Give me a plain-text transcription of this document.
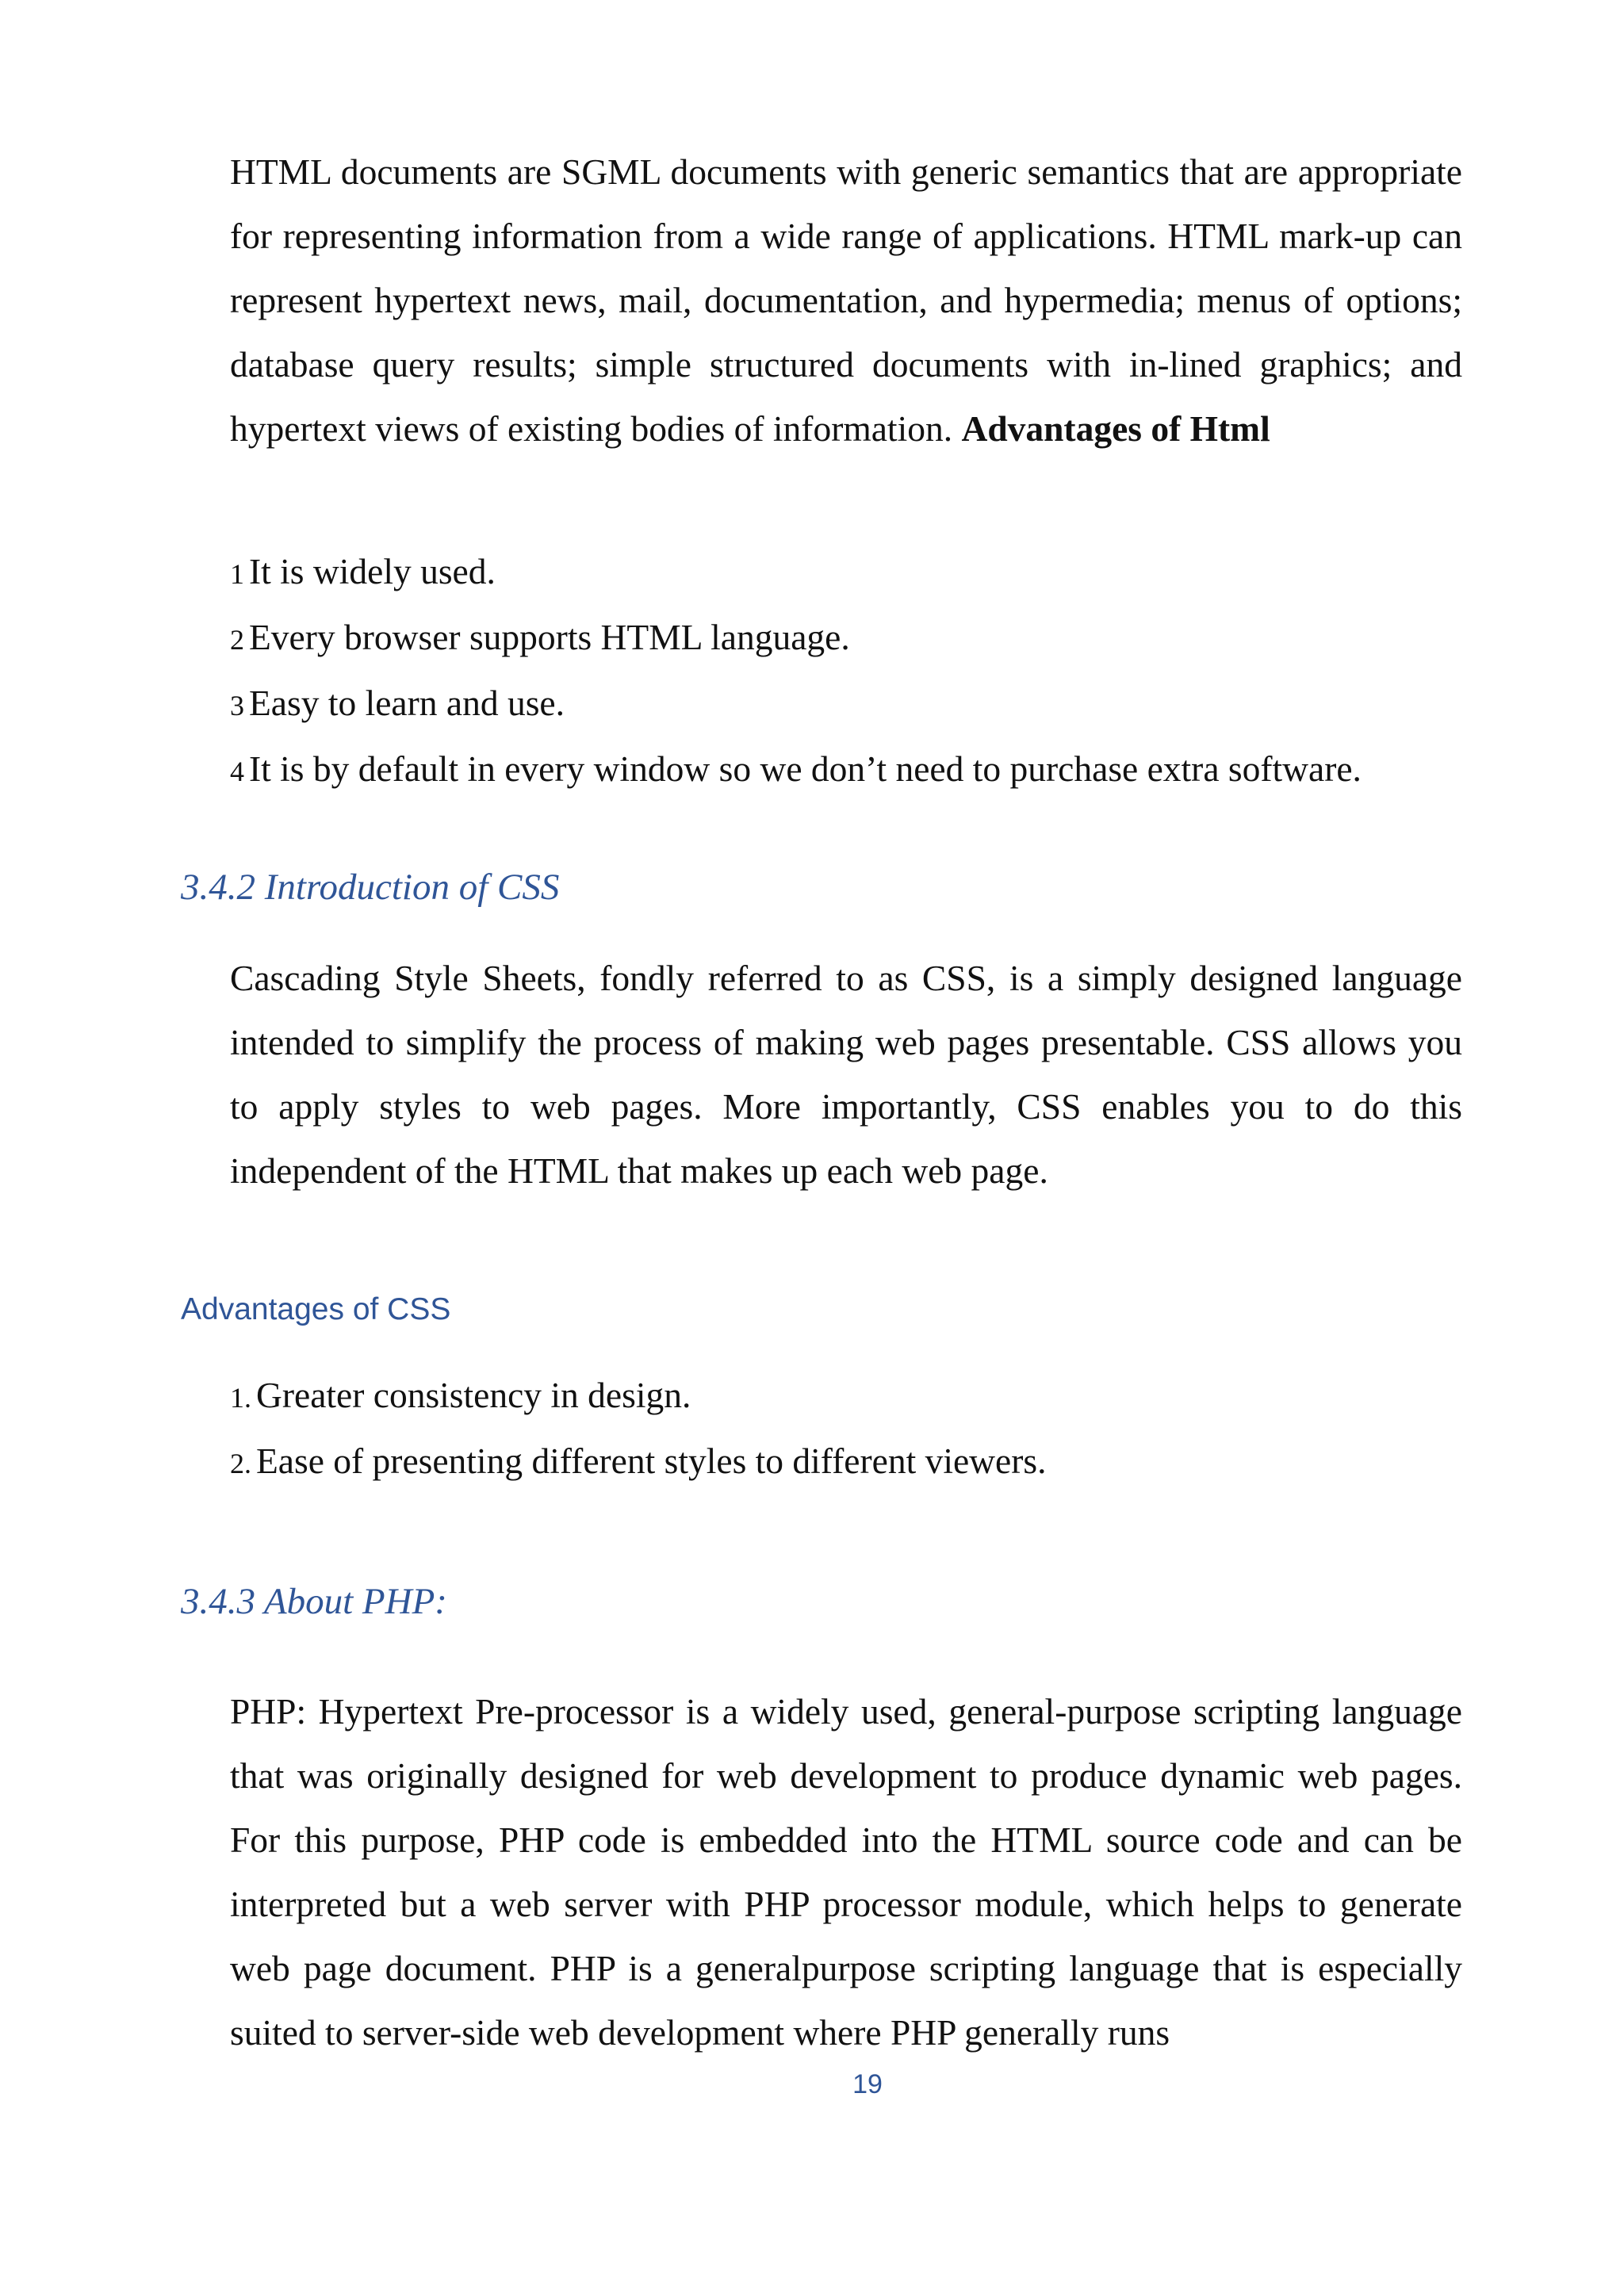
HTML documents are SGML documents with generic semantics that are appropriate for representing information from a wide range of applications. HTML mark-up can represent hypertext news, mail, documentation, and hypermedia; menus of options; database query results; simple structured documents with in-lined graphics; and hypertext views of existing bodies of information. Advantages of Html

1 It is widely used.
2 Every browser supports HTML language.
3 Easy to learn and use.
4 It is by default in every window so we don’t need to purchase extra software.
3.4.2 Introduction of CSS

Cascading Style Sheets, fondly referred to as CSS, is a simply designed language intended to simplify the process of making web pages presentable. CSS allows you to apply styles to web pages. More importantly, CSS enables you to do this independent of the HTML that makes up each web page.

Advantages of CSS
1. Greater consistency in design.
2. Ease of presenting different styles to different viewers.
3.4.3 About PHP:

PHP: Hypertext Pre-processor is a widely used, general-purpose scripting language that was originally designed for web development to produce dynamic web pages. For this purpose, PHP code is embedded into the HTML source code and can be interpreted but a web server with PHP processor module, which helps to generate web page document. PHP is a generalpurpose scripting language that is especially suited to server-side web development where PHP generally runs

19
